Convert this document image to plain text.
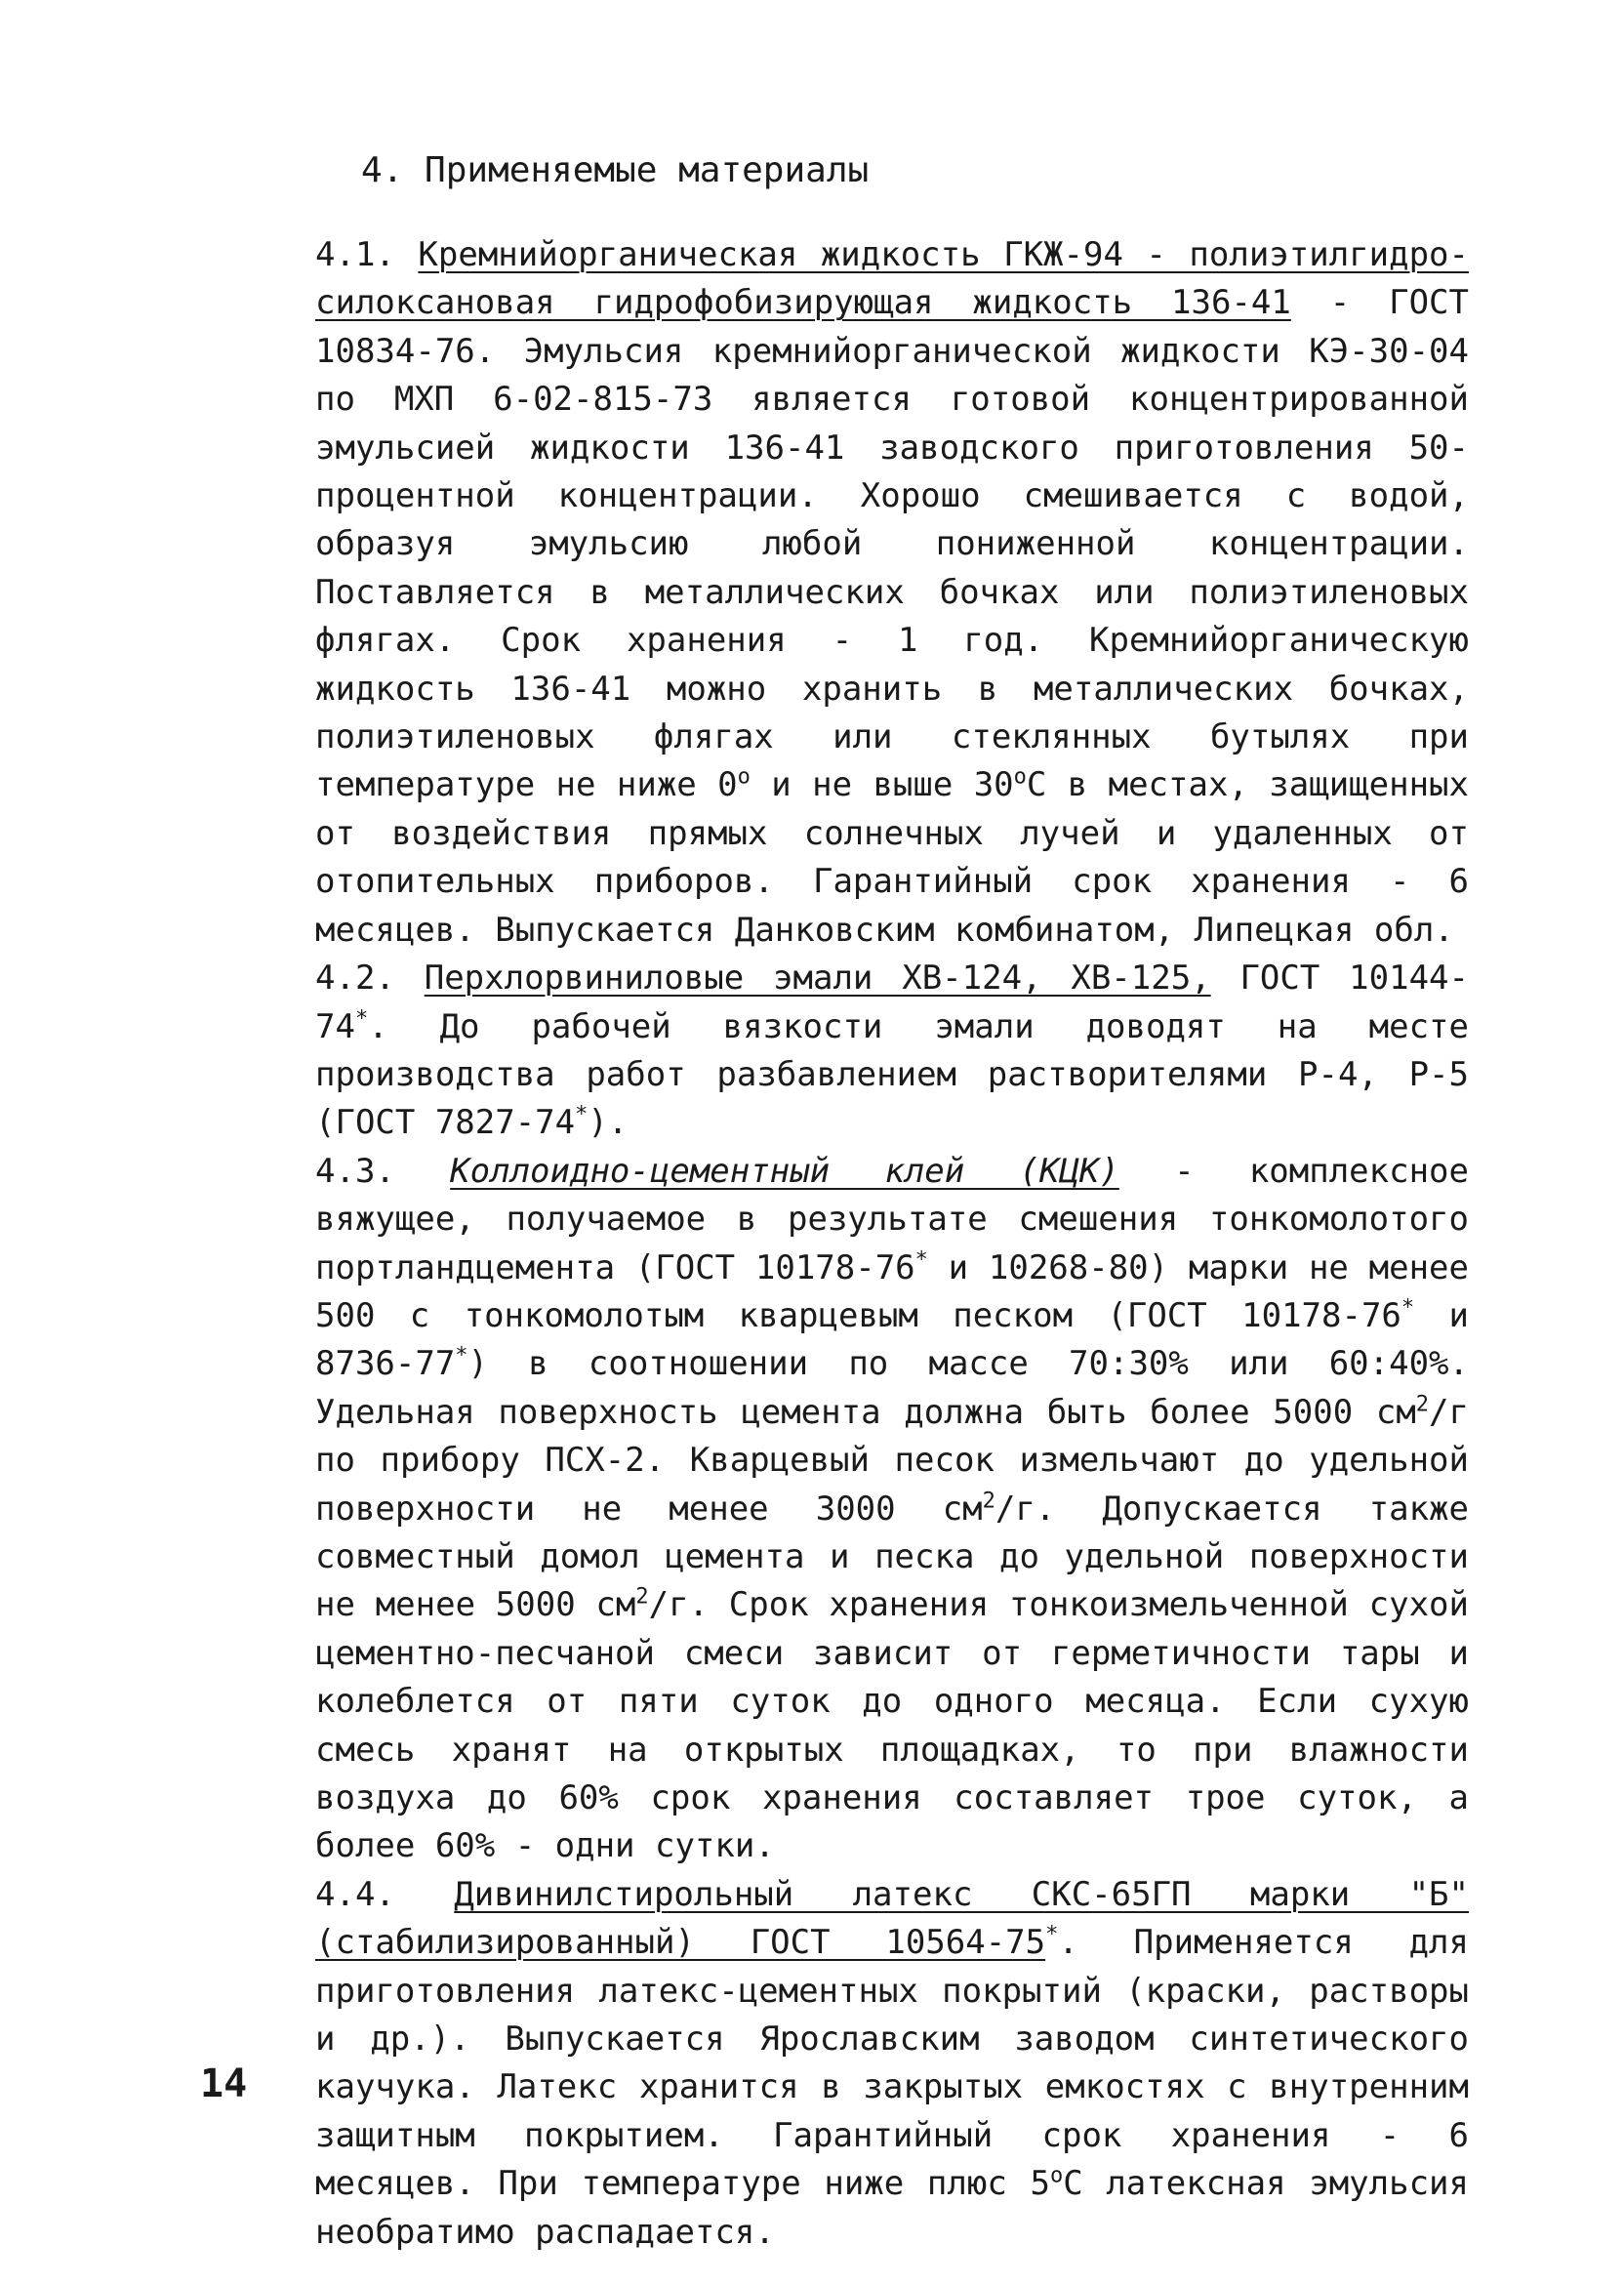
4. Применяемые материалы

4.1. Кремнийорганическая жидкость ГКЖ-94 - полиэтилгидро-силоксановая гидрофобизирующая жидкость 136-41 - ГОСТ 10834-76. Эмульсия кремнийорганической жидкости КЭ-30-04 по МХП 6-02-815-73 является готовой концентрированной эмульсией жидкости 136-41 заводского приготовления 50-процентной концентрации. Хорошо смешивается с водой, образуя эмульсию любой пониженной концентрации. Поставляется в металлических бочках или полиэтиленовых флягах. Срок хранения - 1 год. Кремнийорганическую жидкость 136-41 можно хранить в металлических бочках, полиэтиленовых флягах или стеклянных бутылях при температуре не ниже $0^о$ и не выше $30^оС$ в местах, защищенных от воздействия прямых солнечных лучей и удаленных от отопительных приборов. Гарантийный срок хранения - 6 месяцев. Выпускается Данковским комбинатом, Липецкая обл.

4.2. Перхлорвиниловые эмали ХВ-124, ХВ-125, ГОСТ 10144-74*. До рабочей вязкости эмали доводят на месте производства работ разбавлением растворителями Р-4, Р-5 (ГОСТ 7827-74*).

4.3. Коллоидно-цементный клей (КЦК) - комплексное вяжущее, получаемое в результате смешения тонкомолотого портландцемента (ГОСТ 10178-76* и 10268-80) марки не менее 500 с тонкомолотым кварцевым песком (ГОСТ 10178-76* и 8736-77*) в соотношении по массе 70:30% или 60:40%. Удельная поверхность цемента должна быть более 5000 $см^2/г$ по прибору ПСХ-2. Кварцевый песок измельчают до удельной поверхности не менее 3000 $см^2/г$. Допускается также совместный домол цемента и песка до удельной поверхности не менее 5000 $см^2/г$. Срок хранения тонкоизмельченной сухой цементно-песчаной смеси зависит от герметичности тары и колеблется от пяти суток до одного месяца. Если сухую смесь хранят на открытых площадках, то при влажности воздуха до 60% срок хранения составляет трое суток, а более 60% - одни сутки.

4.4. Дивинилстирольный латекс СКС-65ГП марки "Б" (стабилизированный) ГОСТ 10564-75*. Применяется для приготовления латекс-цементных покрытий (краски, растворы и др.). Выпускается Ярославским заводом синтетического каучука. Латекс хранится в закрытых емкостях с внутренним защитным покрытием. Гарантийный срок хранения - 6 месяцев. При температуре ниже плюс $5^оС$ латексная эмульсия необратимо распадается.

14
